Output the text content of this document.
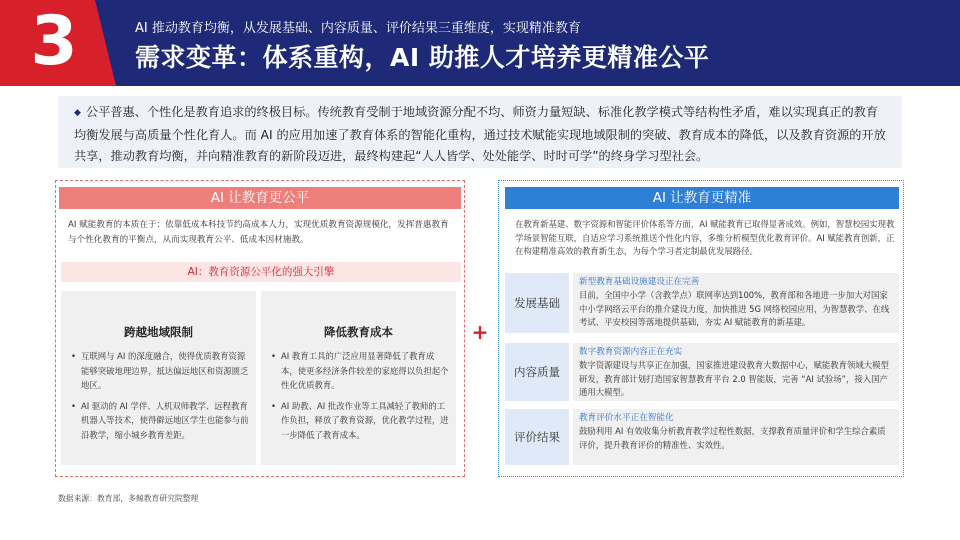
3	AI 推动教育均衡，从发展基础、内容质量、评价结果三重维度，实现精准教育
需求变革：体系重构，AI 助推人才培养更精准公平
◆ 公平普惠、个性化是教育追求的终极目标。传统教育受制于地域资源分配不均、师资力量短缺、标准化教学模式等结构性矛盾，难以实现真正的教育均衡发展与高质量个性化育人。而 AI 的应用加速了教育体系的智能化重构，通过技术赋能实现地域限制的突破、教育成本的降低，以及教育资源的开放共享，推动教育均衡，并向精准教育的新阶段迈进，最终构建起“人人皆学、处处能学、时时可学”的终身学习型社会。
AI 让教育更公平
AI 赋能教育的本质在于：依靠低成本科技节约高成本人力，实现优质教育资源规模化，发挥普惠教育与个性化教育的平衡点，从而实现教育公平、低成本因材施教。
AI：教育资源公平化的强大引擎
跨越地域限制
• 互联网与 AI 的深度融合，使得优质教育资源能够突破地理边界，抵达偏远地区和资源匮乏地区。
• AI 驱动的 AI 学伴、人机双师教学、远程教育机器人等技术，使得僻远地区学生也能参与前沿教学，缩小城乡教育差距。
降低教育成本
• AI 教育工具的广泛应用显著降低了教育成本，使更多经济条件较差的家庭得以负担起个性化优质教育。
• AI 助教、AI 批改作业等工具减轻了教师的工作负担，释放了教育资源，优化教学过程，进一步降低了教育成本。
+
AI 让教育更精准
在教育新基建、数字资源和智能评价体系等方面，AI 赋能教育已取得显著成效。例如，智慧校园实现教学场景智能互联，自适应学习系统推送个性化内容，多维分析模型优化教育评价。AI 赋能教育创新，正在构建精准高效的教育新生态，为每个学习者定制最优发展路径。
发展基础
新型教育基础设施建设正在完善
目前，全国中小学（含教学点）联网率达到100%，教育部和各地进一步加大对国家中小学网络云平台的推介建设力度，加快推进 5G 网络校园应用，为智慧教学、在线考试、平安校园等落地提供基础，夯实 AI 赋能教育的新基建。
内容质量
数字教育资源内容正在充实
数字资源建设与共享正在加强，国家推进建设教育大数据中心，赋能教育领域大模型研发，教育部计划打造国家智慧教育平台 2.0 智能版，完善 “AI 试验场”，接入国产通用大模型。
评价结果
教育评价水平正在智能化
鼓励利用 AI 有效收集分析教育教学过程性数据，支撑教育质量评价和学生综合素质评价，提升教育评价的精准性、实效性。
数据来源：教育部，多鲸教育研究院整理
